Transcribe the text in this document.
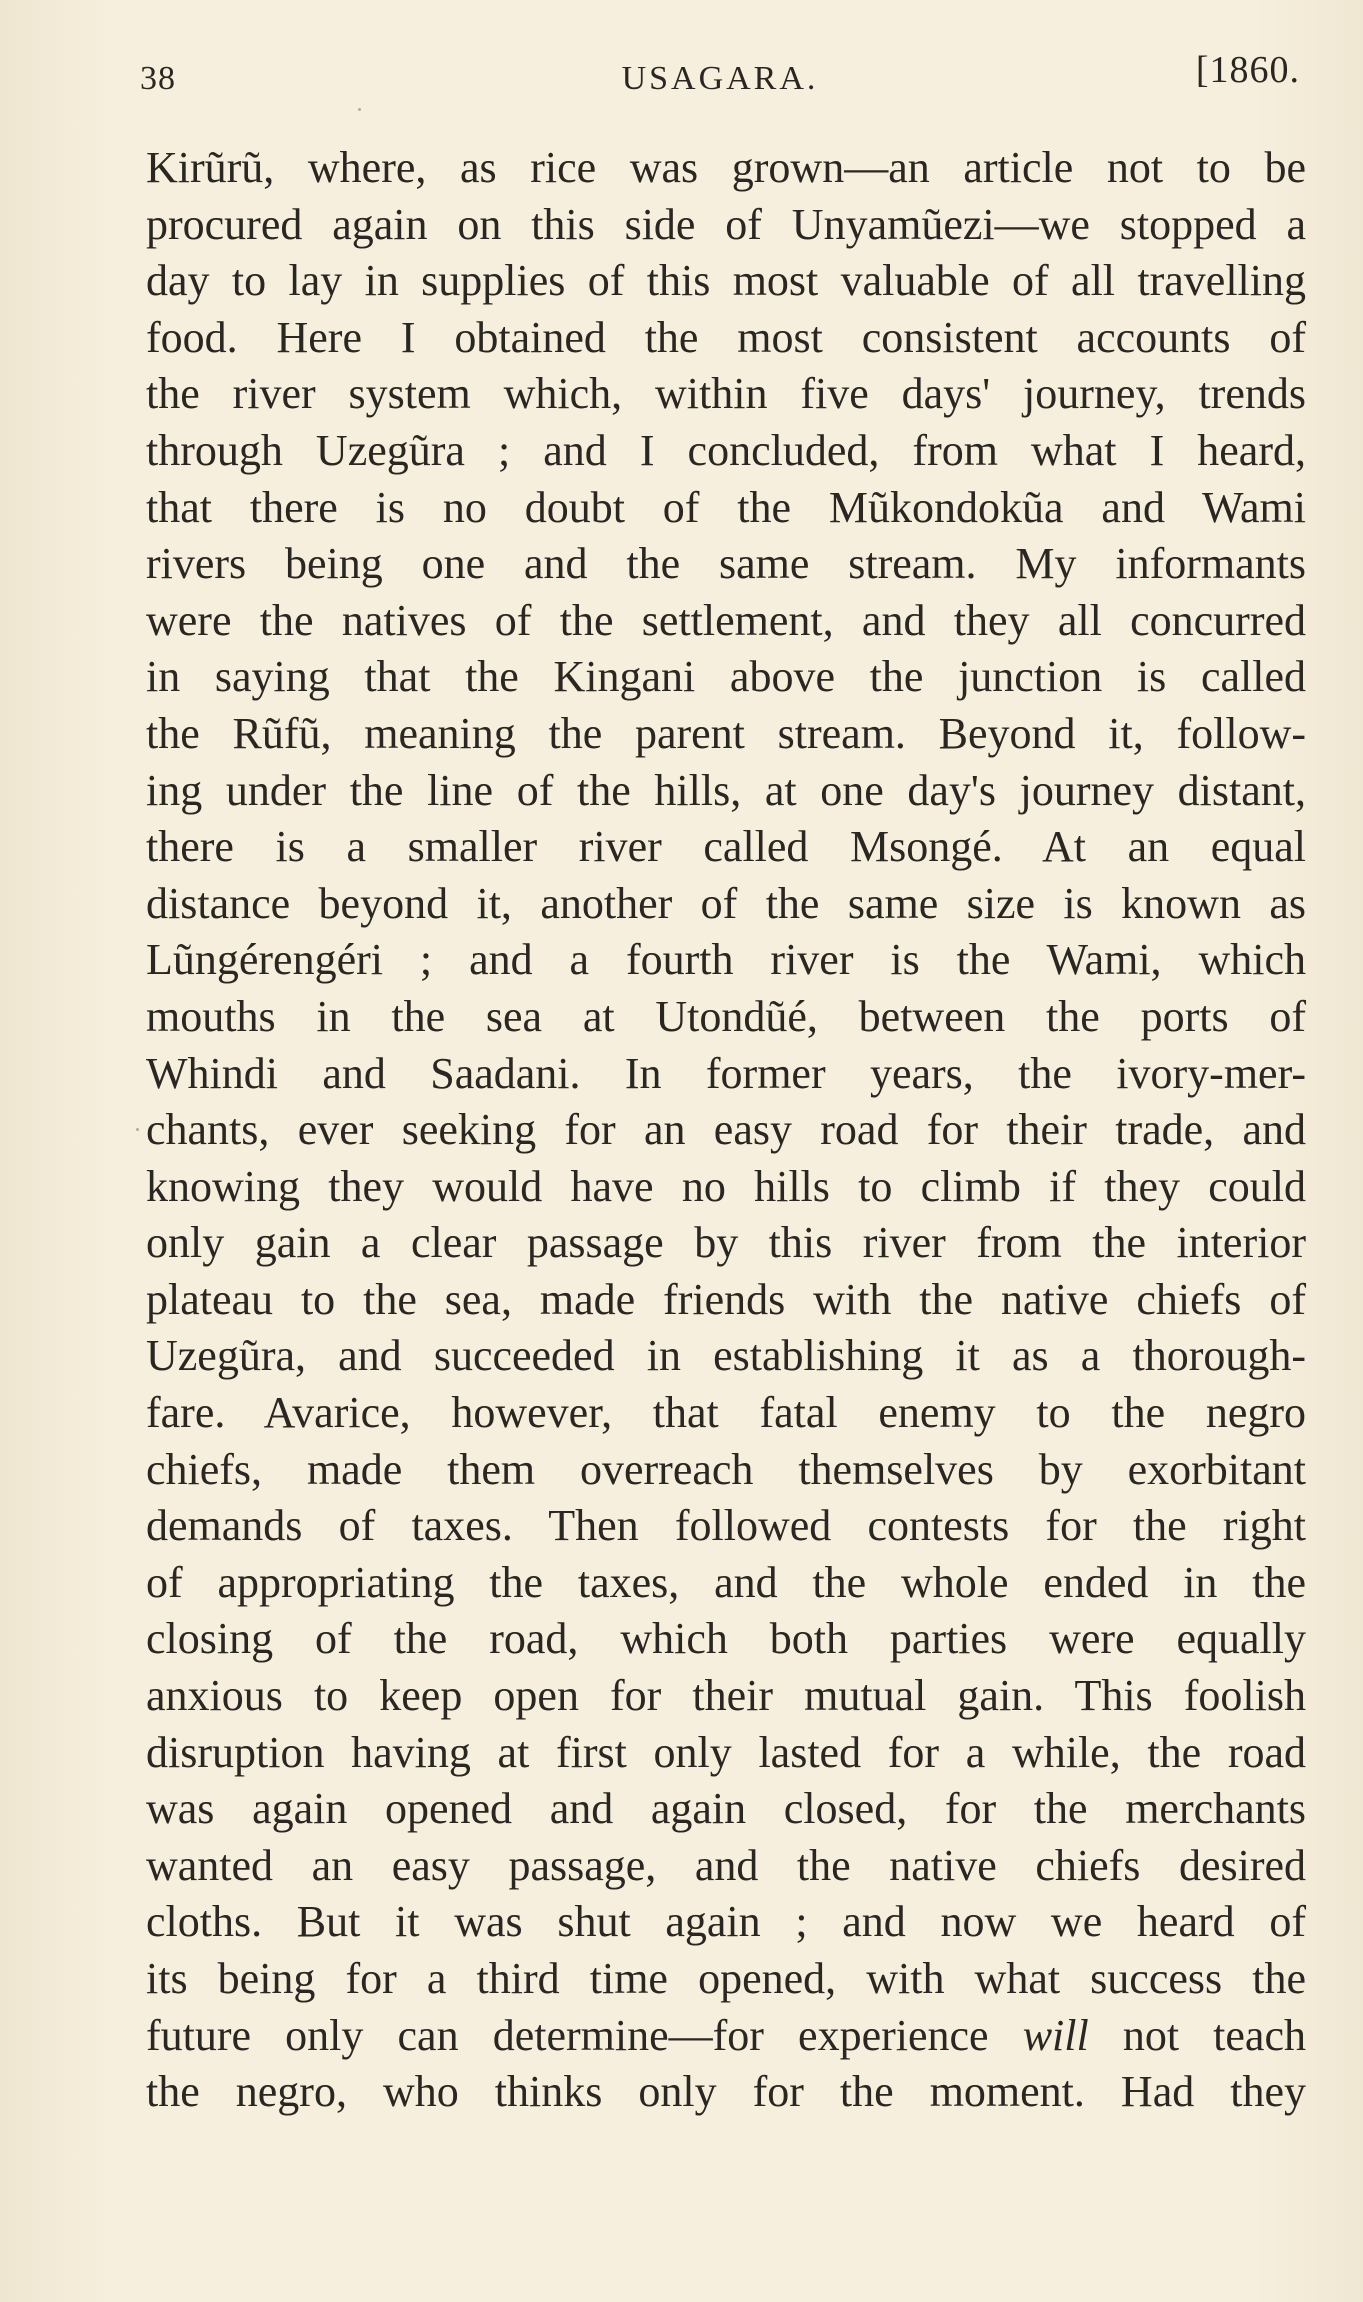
38	USAGARA.	[1860.
Kirũrũ, where, as rice was grown—an article not to be
procured again on this side of Unyamũezi—we stopped a
day to lay in supplies of this most valuable of all travelling
food. Here I obtained the most consistent accounts of
the river system which, within five days' journey, trends
through Uzegũra ; and I concluded, from what I heard,
that there is no doubt of the Mũkondokũa and Wami
rivers being one and the same stream. My informants
were the natives of the settlement, and they all concurred
in saying that the Kingani above the junction is called
the Rũfũ, meaning the parent stream. Beyond it, follow-
ing under the line of the hills, at one day's journey distant,
there is a smaller river called Msongé. At an equal
distance beyond it, another of the same size is known as
Lũngérengéri ; and a fourth river is the Wami, which
mouths in the sea at Utondũé, between the ports of
Whindi and Saadani. In former years, the ivory-mer-
chants, ever seeking for an easy road for their trade, and
knowing they would have no hills to climb if they could
only gain a clear passage by this river from the interior
plateau to the sea, made friends with the native chiefs of
Uzegũra, and succeeded in establishing it as a thorough-
fare. Avarice, however, that fatal enemy to the negro
chiefs, made them overreach themselves by exorbitant
demands of taxes. Then followed contests for the right
of appropriating the taxes, and the whole ended in the
closing of the road, which both parties were equally
anxious to keep open for their mutual gain. This foolish
disruption having at first only lasted for a while, the road
was again opened and again closed, for the merchants
wanted an easy passage, and the native chiefs desired
cloths. But it was shut again ; and now we heard of
its being for a third time opened, with what success the
future only can determine—for experience will not teach
the negro, who thinks only for the moment. Had they
